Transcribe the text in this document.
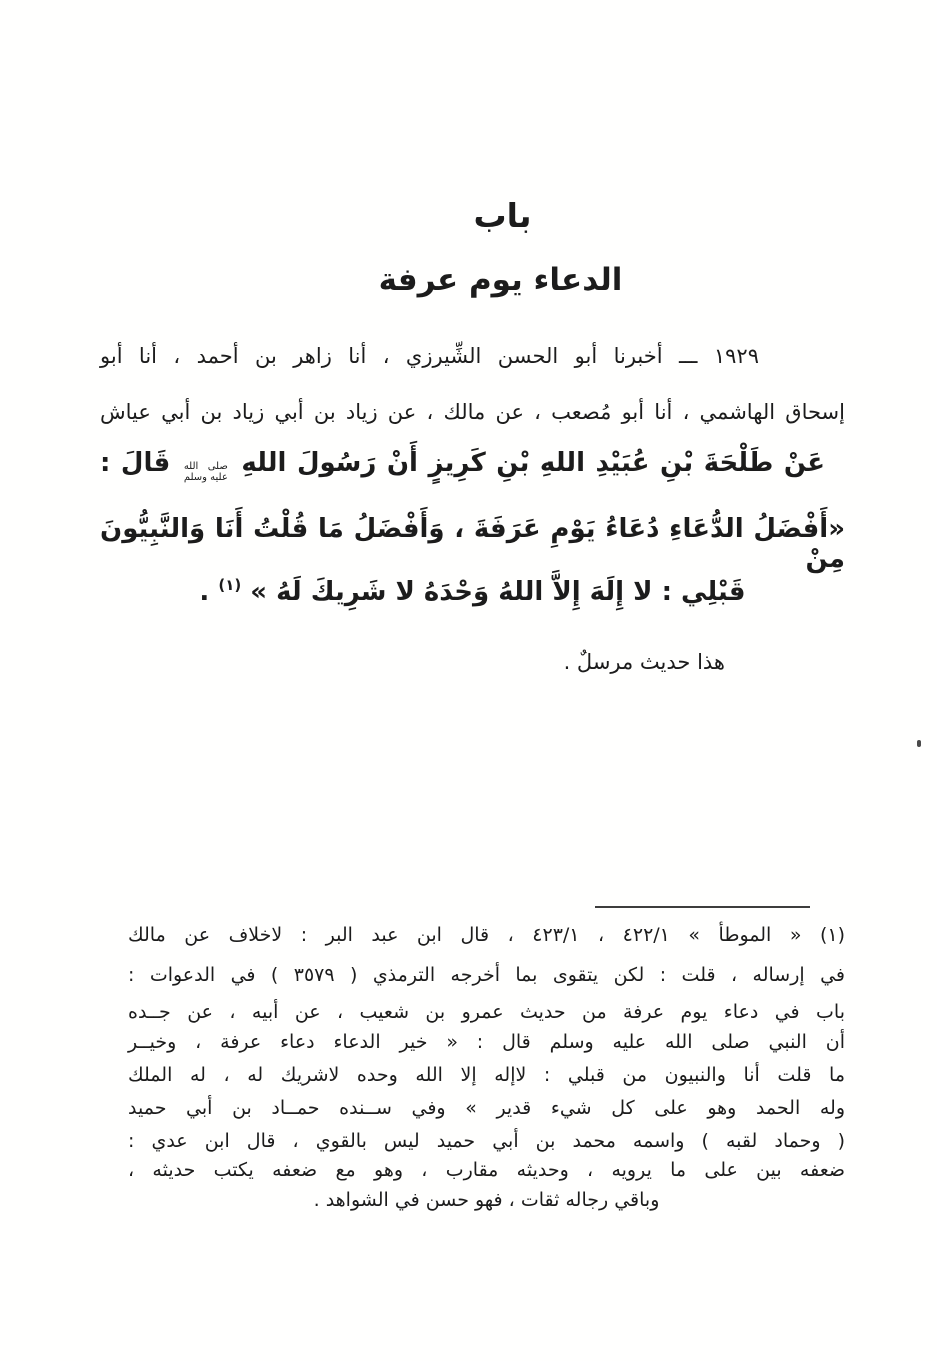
باب
الدعاء يوم عرفة
١٩٢٩ ـــ أخبرنا أبو الحسن الشِّيرزي ، أنا زاهر بن أحمد ، أنا أبو
إسحاق الهاشمي ، أنا أبو مُصعب ، عن مالك ، عن زياد بن أبي زياد بن أبي عياش
عَنْ طَلْحَةَ بْنِ عُبَيْدِ اللهِ بْنِ كَرِيزٍ أَنْ رَسُولَ اللهِ
صلى الله
عليه وسلم
قَالَ :
‎»‎أَفْضَلُ الدُّعَاءِ دُعَاءُ يَوْمِ عَرَفَةَ ، وَأَفْضَلُ مَا قُلْتُ أَنَا وَالنَّبِيُّونَ مِنْ
قَبْلِي : لا إِلَهَ إِلاَّ اللهُ وَحْدَهُ لا شَرِيكَ لَهُ ‎«‎ $^{(١)}$ .
هذا حديث مرسلٌ .
(١) ‎»‎ الموطأ ‎«‎ ٤٢٢/١ ، ٤٢٣/١ ، قال ابن عبد البر : لاخلاف عن مالك
في إرساله ، قلت : لكن يتقوى بما أخرجه الترمذي ( ٣٥٧٩ ) في الدعوات :
باب في دعاء يوم عرفة من حديث عمرو بن شعيب ، عن أبيه ، عن جــده
أن النبي صلى الله عليه وسلم قال : ‎»‎ خير الدعاء دعاء عرفة ، وخيــر
ما قلت أنا والنبيون من قبلي : لاإله إلا الله وحده لاشريك له ، له الملك
وله الحمد وهو على كل شيء قدير ‎«‎ وفي ســنده حمــاد بن أبي حميد
( وحماد لقبه ) واسمه محمد بن أبي حميد ليس بالقوي ، قال ابن عدي :
ضعفه بين على ما يرويه ، وحديثه مقارب ، وهو مع ضعفه يكتب حديثه ،
وباقي رجاله ثقات ، فهو حسن في الشواهد .
